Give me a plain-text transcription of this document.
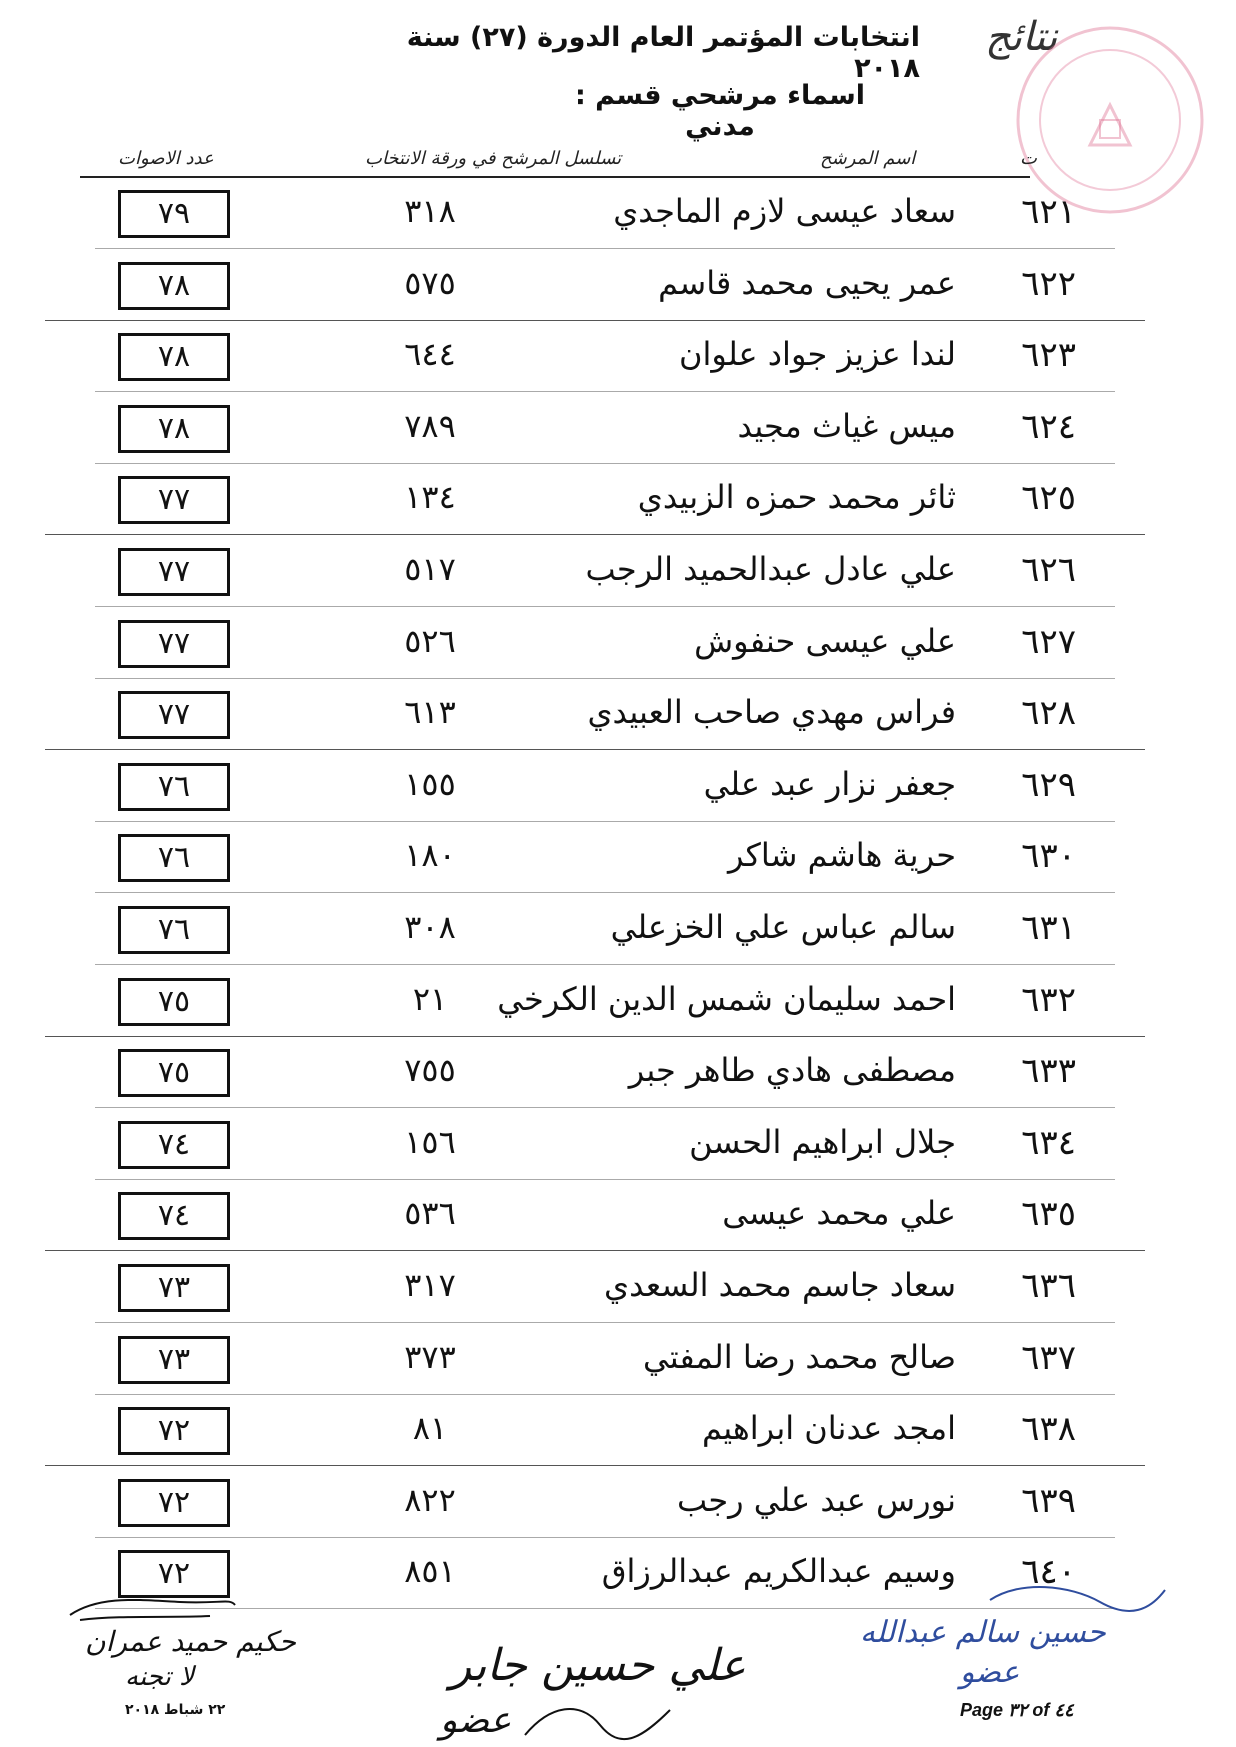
نتائج
انتخابات المؤتمر العام الدورة (٢٧) سنة ٢٠١٨
اسماء مرشحي قسم : مدني
ت
اسم المرشح
تسلسل المرشح في ورقة الانتخاب
عدد الاصوات
٦٢١
سعاد عيسى لازم الماجدي
٣١٨
٧٩
٦٢٢
عمر يحيى محمد قاسم
٥٧٥
٧٨
٦٢٣
لندا عزيز جواد علوان
٦٤٤
٧٨
٦٢٤
ميس غياث مجيد
٧٨٩
٧٨
٦٢٥
ثائر محمد حمزه الزبيدي
١٣٤
٧٧
٦٢٦
علي عادل عبدالحميد الرجب
٥١٧
٧٧
٦٢٧
علي عيسى حنفوش
٥٢٦
٧٧
٦٢٨
فراس مهدي صاحب العبيدي
٦١٣
٧٧
٦٢٩
جعفر نزار عبد علي
١٥٥
٧٦
٦٣٠
حرية هاشم شاكر
١٨٠
٧٦
٦٣١
سالم عباس علي الخزعلي
٣٠٨
٧٦
٦٣٢
احمد سليمان شمس الدين الكرخي
٢١
٧٥
٦٣٣
مصطفى هادي طاهر جبر
٧٥٥
٧٥
٦٣٤
جلال ابراهيم الحسن
١٥٦
٧٤
٦٣٥
علي محمد عيسى
٥٣٦
٧٤
٦٣٦
سعاد جاسم محمد السعدي
٣١٧
٧٣
٦٣٧
صالح محمد رضا المفتي
٣٧٣
٧٣
٦٣٨
امجد عدنان ابراهيم
٨١
٧٢
٦٣٩
نورس عبد علي رجب
٨٢٢
٧٢
٦٤٠
وسيم عبدالكريم عبدالرزاق
٨٥١
٧٢
حكيم حميد عمران
لا تجنه
٢٢ شباط ٢٠١٨
علي حسين جابر
عضو
حسين سالم عبدالله
عضو
Page ٣٢ of ٤٤
